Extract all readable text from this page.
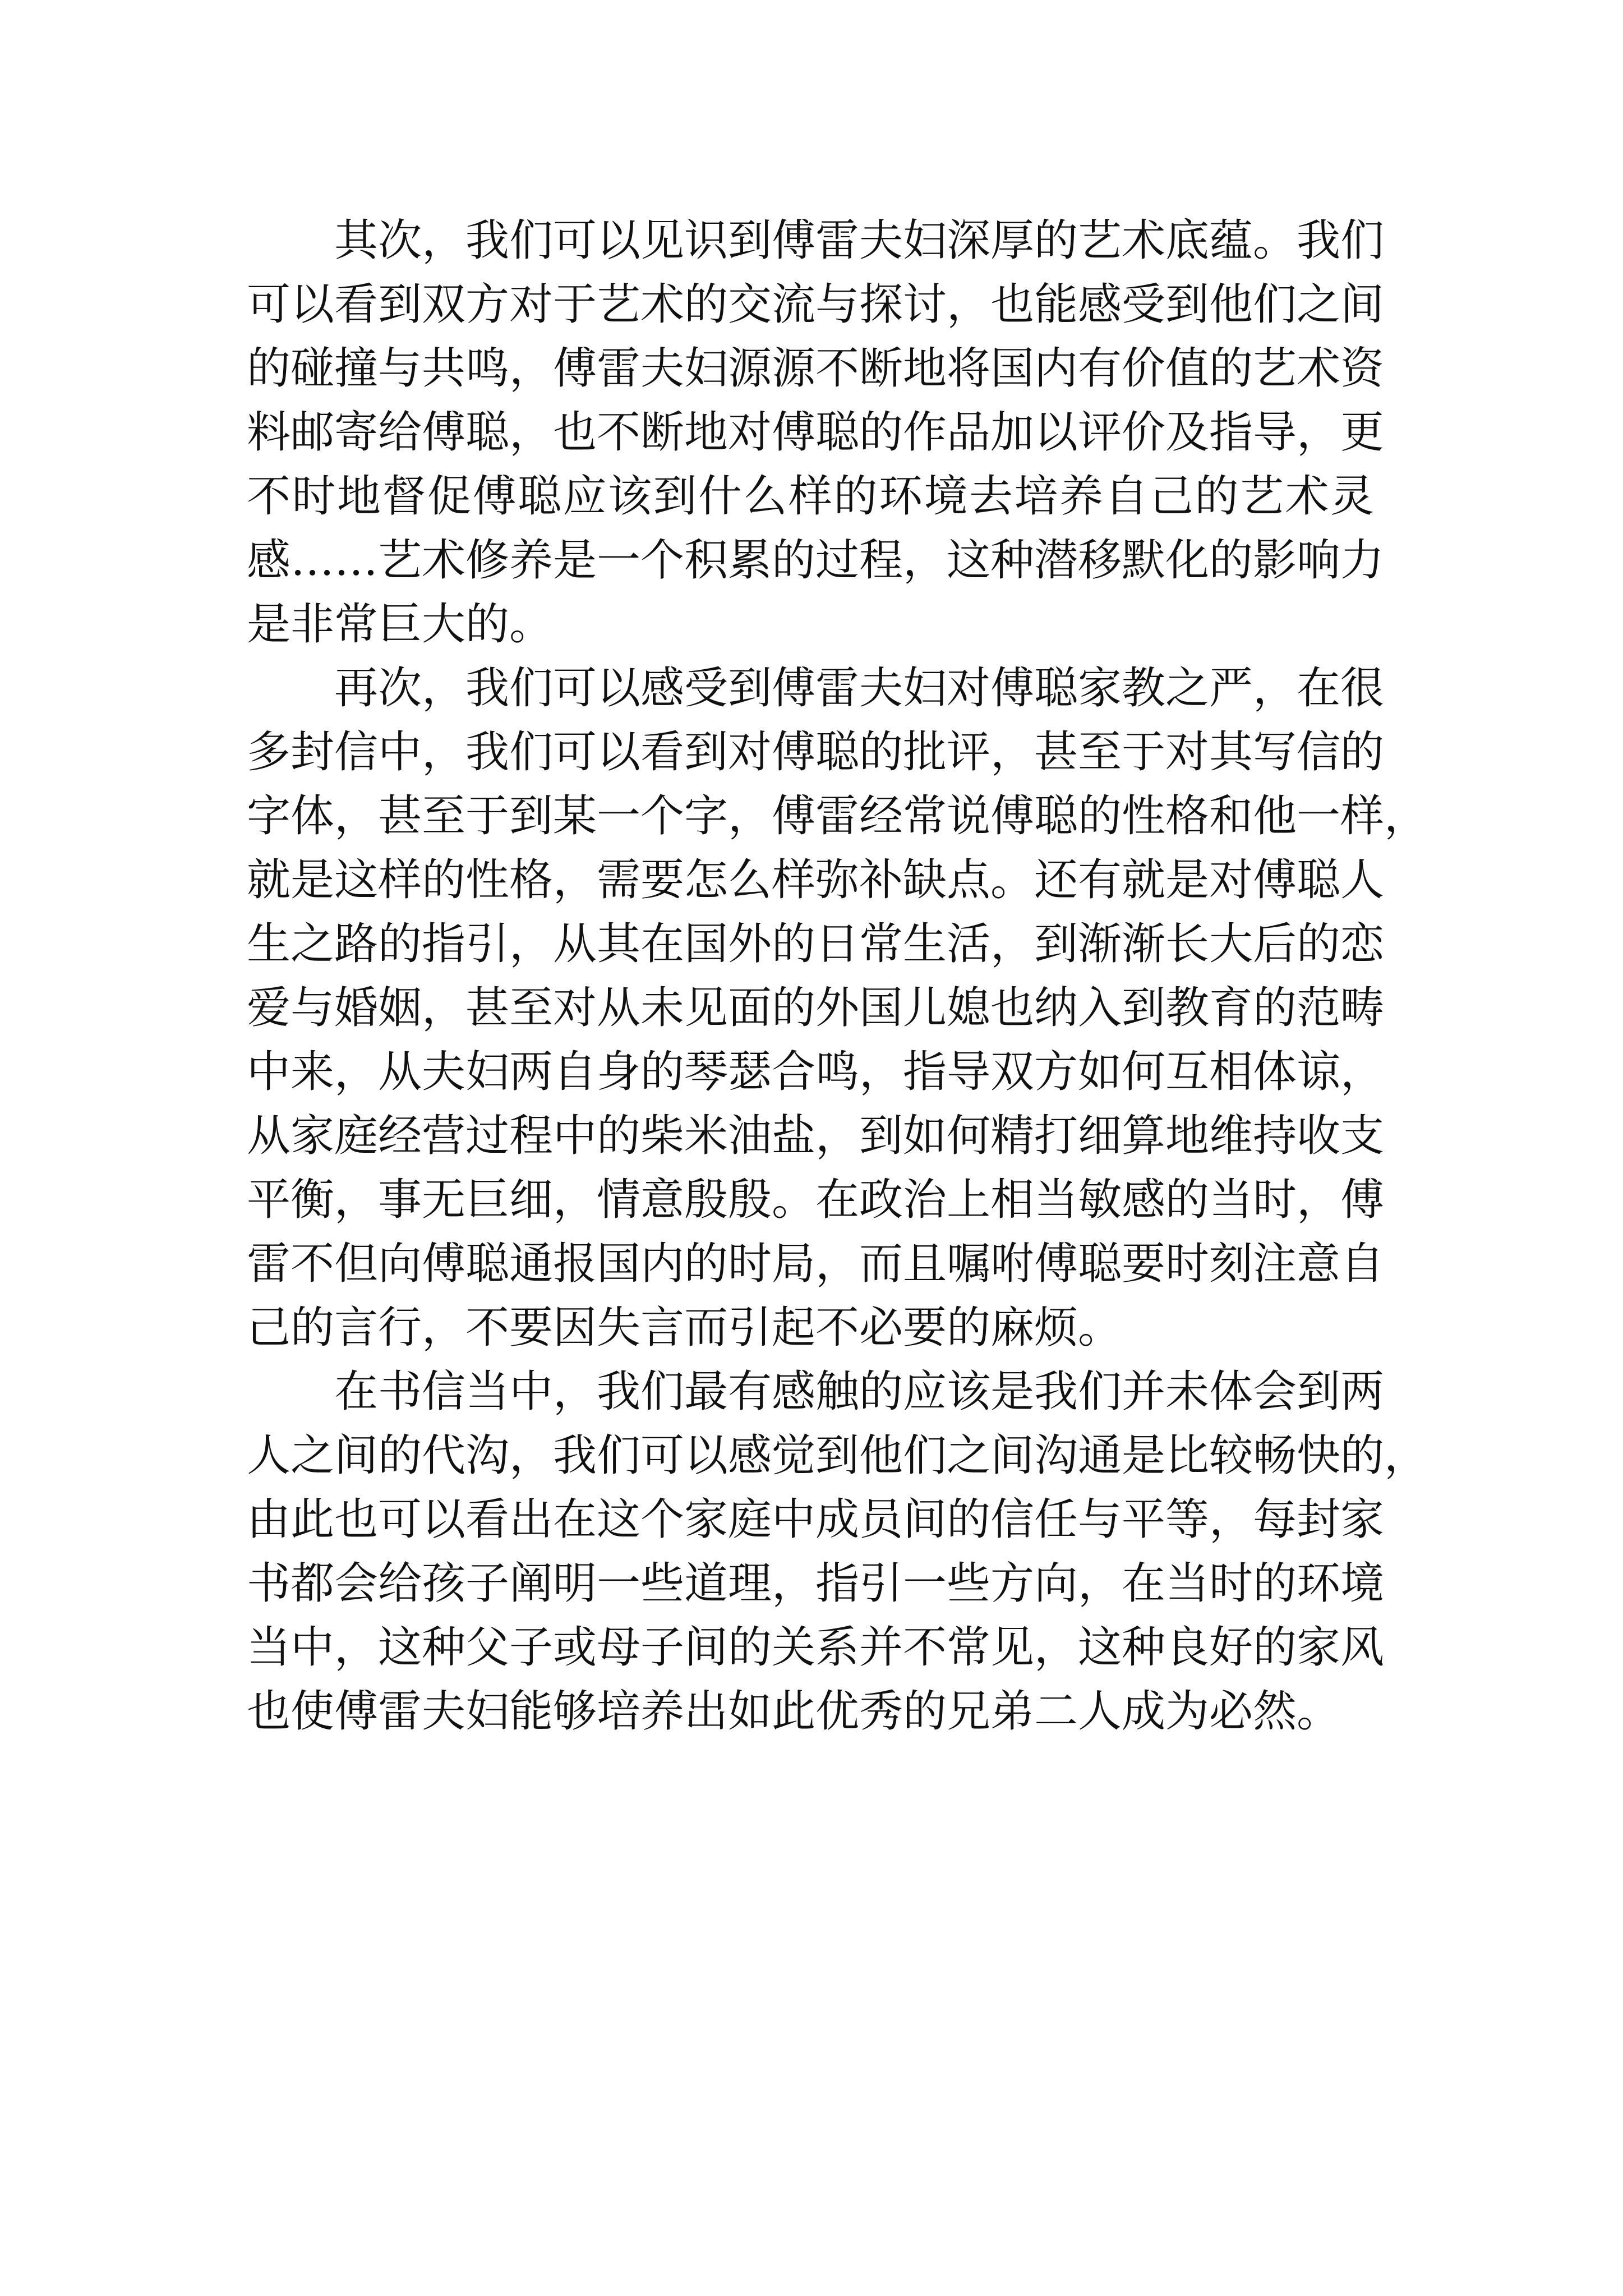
其次，我们可以见识到傅雷夫妇深厚的艺术底蕴。我们
可以看到双方对于艺术的交流与探讨，也能感受到他们之间
的碰撞与共鸣，傅雷夫妇源源不断地将国内有价值的艺术资
料邮寄给傅聪，也不断地对傅聪的作品加以评价及指导，更
不时地督促傅聪应该到什么样的环境去培养自己的艺术灵
感……艺术修养是一个积累的过程，这种潜移默化的影响力
是非常巨大的。
再次，我们可以感受到傅雷夫妇对傅聪家教之严，在很
多封信中，我们可以看到对傅聪的批评，甚至于对其写信的
字体，甚至于到某一个字，傅雷经常说傅聪的性格和他一样，
就是这样的性格，需要怎么样弥补缺点。还有就是对傅聪人
生之路的指引，从其在国外的日常生活，到渐渐长大后的恋
爱与婚姻，甚至对从未见面的外国儿媳也纳入到教育的范畴
中来，从夫妇两自身的琴瑟合鸣，指导双方如何互相体谅，
从家庭经营过程中的柴米油盐，到如何精打细算地维持收支
平衡，事无巨细，情意殷殷。在政治上相当敏感的当时，傅
雷不但向傅聪通报国内的时局，而且嘱咐傅聪要时刻注意自
己的言行，不要因失言而引起不必要的麻烦。
在书信当中，我们最有感触的应该是我们并未体会到两
人之间的代沟，我们可以感觉到他们之间沟通是比较畅快的，
由此也可以看出在这个家庭中成员间的信任与平等，每封家
书都会给孩子阐明一些道理，指引一些方向，在当时的环境
当中，这种父子或母子间的关系并不常见，这种良好的家风
也使傅雷夫妇能够培养出如此优秀的兄弟二人成为必然。
